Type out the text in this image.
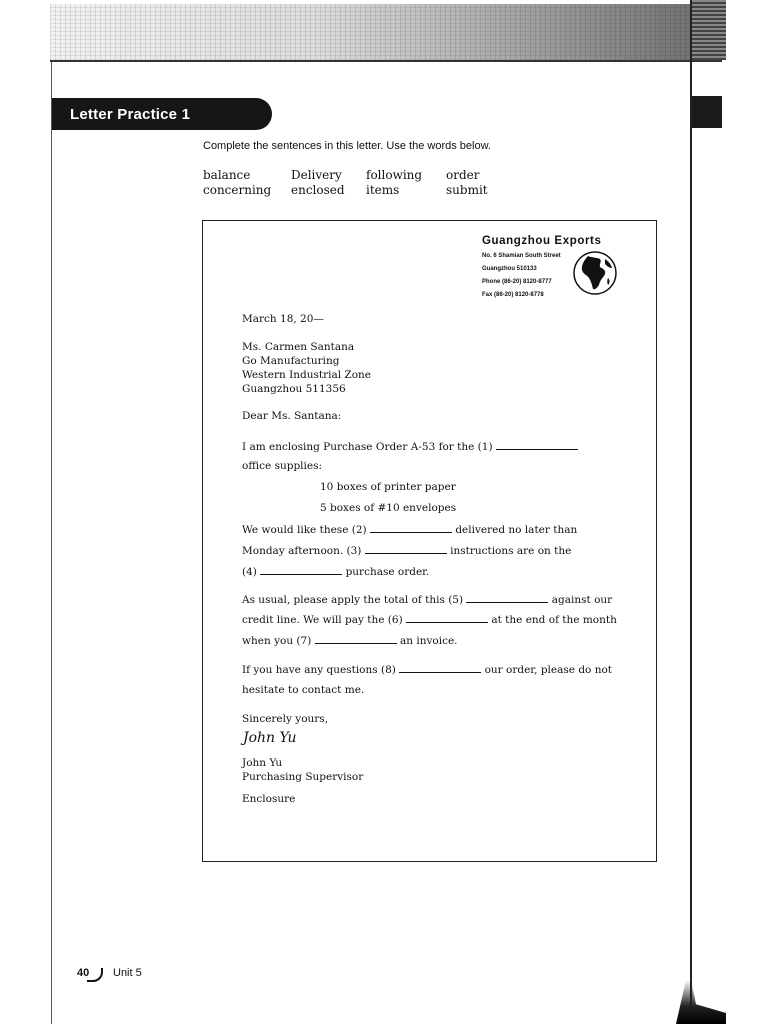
Letter Practice 1
Complete the sentences in this letter. Use the words below.
balance	Delivery	following	order
concerning	enclosed	items	submit
Guangzhou Exports
No. 6 Shamian South Street
Guangzhou 510133
Phone (86-20) 8120-8777
Fax (86-20) 8120-8778
March 18, 20—
Ms. Carmen Santana
Go Manufacturing
Western Industrial Zone
Guangzhou 511356
Dear Ms. Santana:
I am enclosing Purchase Order A-53 for the (1)
office supplies:
10 boxes of printer paper
5 boxes of #10 envelopes
We would like these (2)	delivered no later than
Monday afternoon. (3)	instructions are on the
(4)	purchase order.
As usual, please apply the total of this (5)	against our
credit line. We will pay the (6)	at the end of the month
when you (7)	an invoice.
If you have any questions (8)	our order, please do not
hesitate to contact me.
Sincerely yours,
John Yu
John Yu
Purchasing Supervisor
Enclosure
40 Unit 5
